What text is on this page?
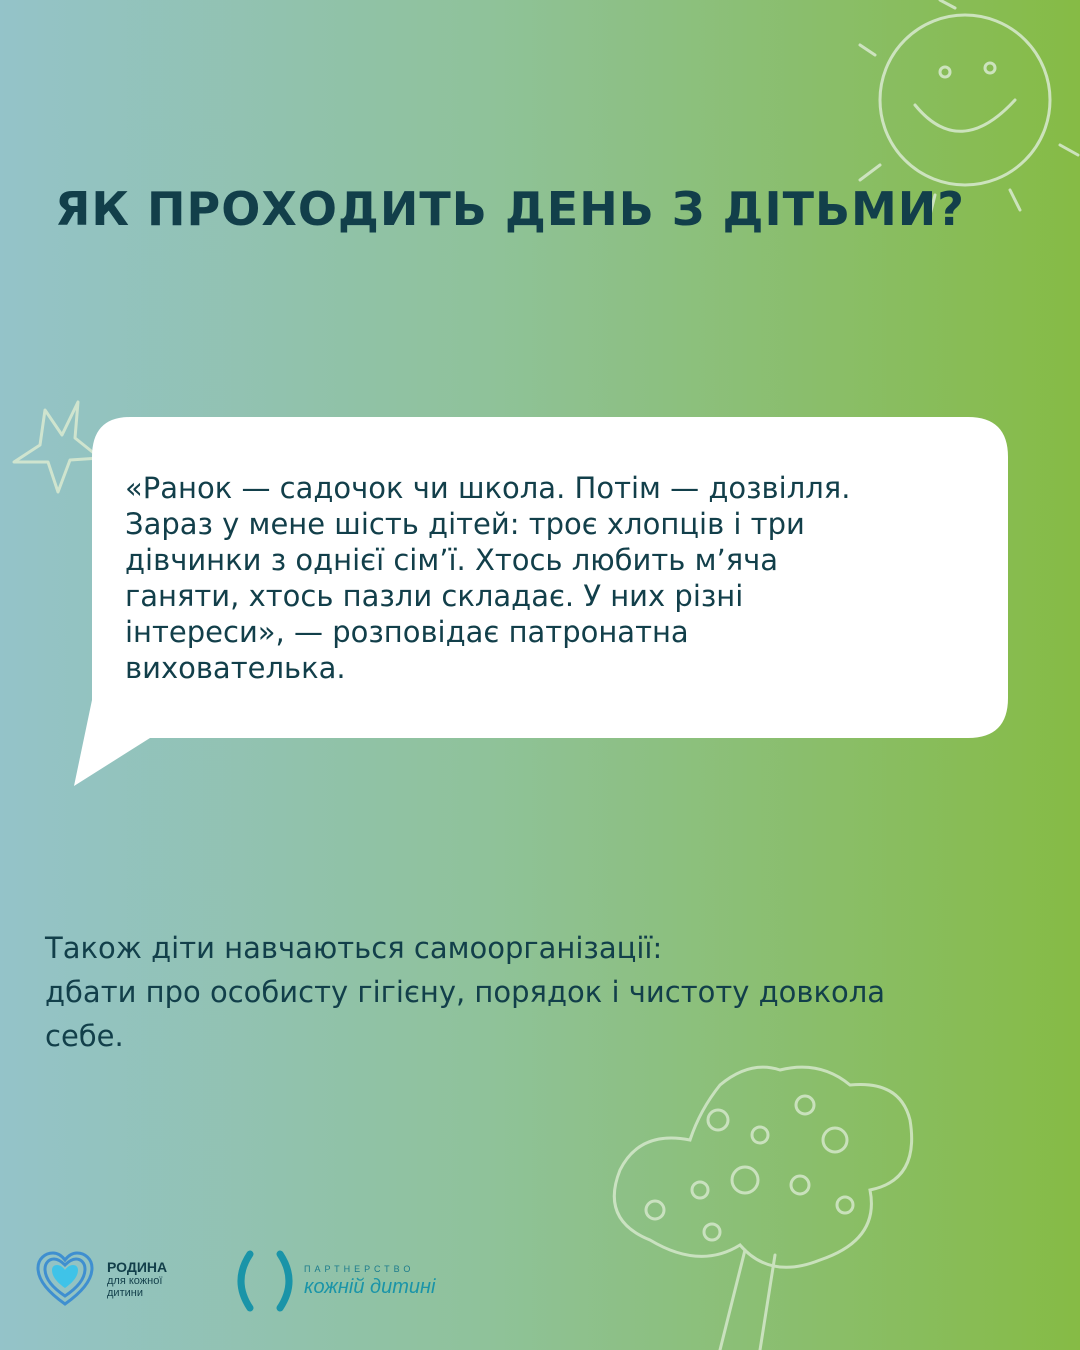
ЯК ПРОХОДИТЬ ДЕНЬ З ДІТЬМИ?
«Ранок — садочок чи школа. Потім — дозвілля.
Зараз у мене шість дітей: троє хлопців і три
дівчинки з однієї сім’ї. Хтось любить м’яча
ганяти, хтось пазли складає. У них різні
інтереси», — розповідає патронатна
вихователька.
Також діти навчаються самоорганізації:
дбати про особисту гігієну, порядок і чистоту довкола
себе.
РОДИНА
для кожної
дитини
ПАРТНЕРСТВО
кожній дитині
